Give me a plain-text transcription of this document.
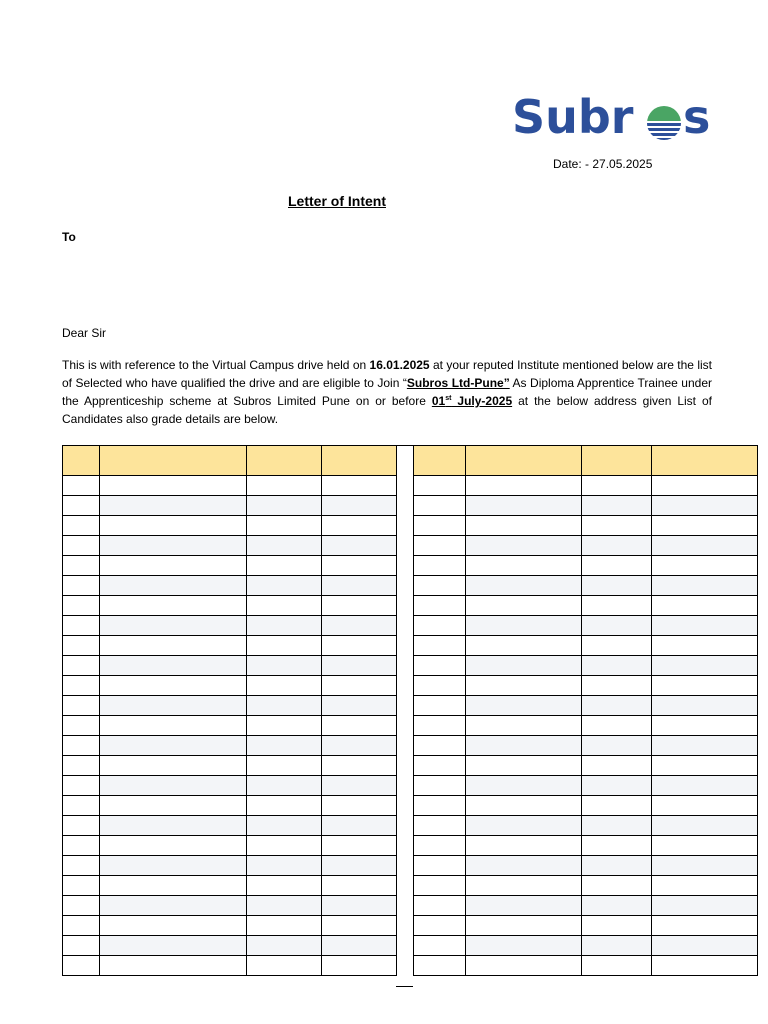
Subr s
Date: - 27.05.2025
Letter of Intent
To
Dear Sir
This is with reference to the Virtual Campus drive held on 16.01.2025 at your reputed Institute mentioned below are the list of Selected who have qualified the drive and are eligible to Join “Subros Ltd-Pune” As Diploma Apprentice Trainee under the Apprenticeship scheme at Subros Limited Pune on or before 01st July-2025 at the below address given List of Candidates also grade details are below.
